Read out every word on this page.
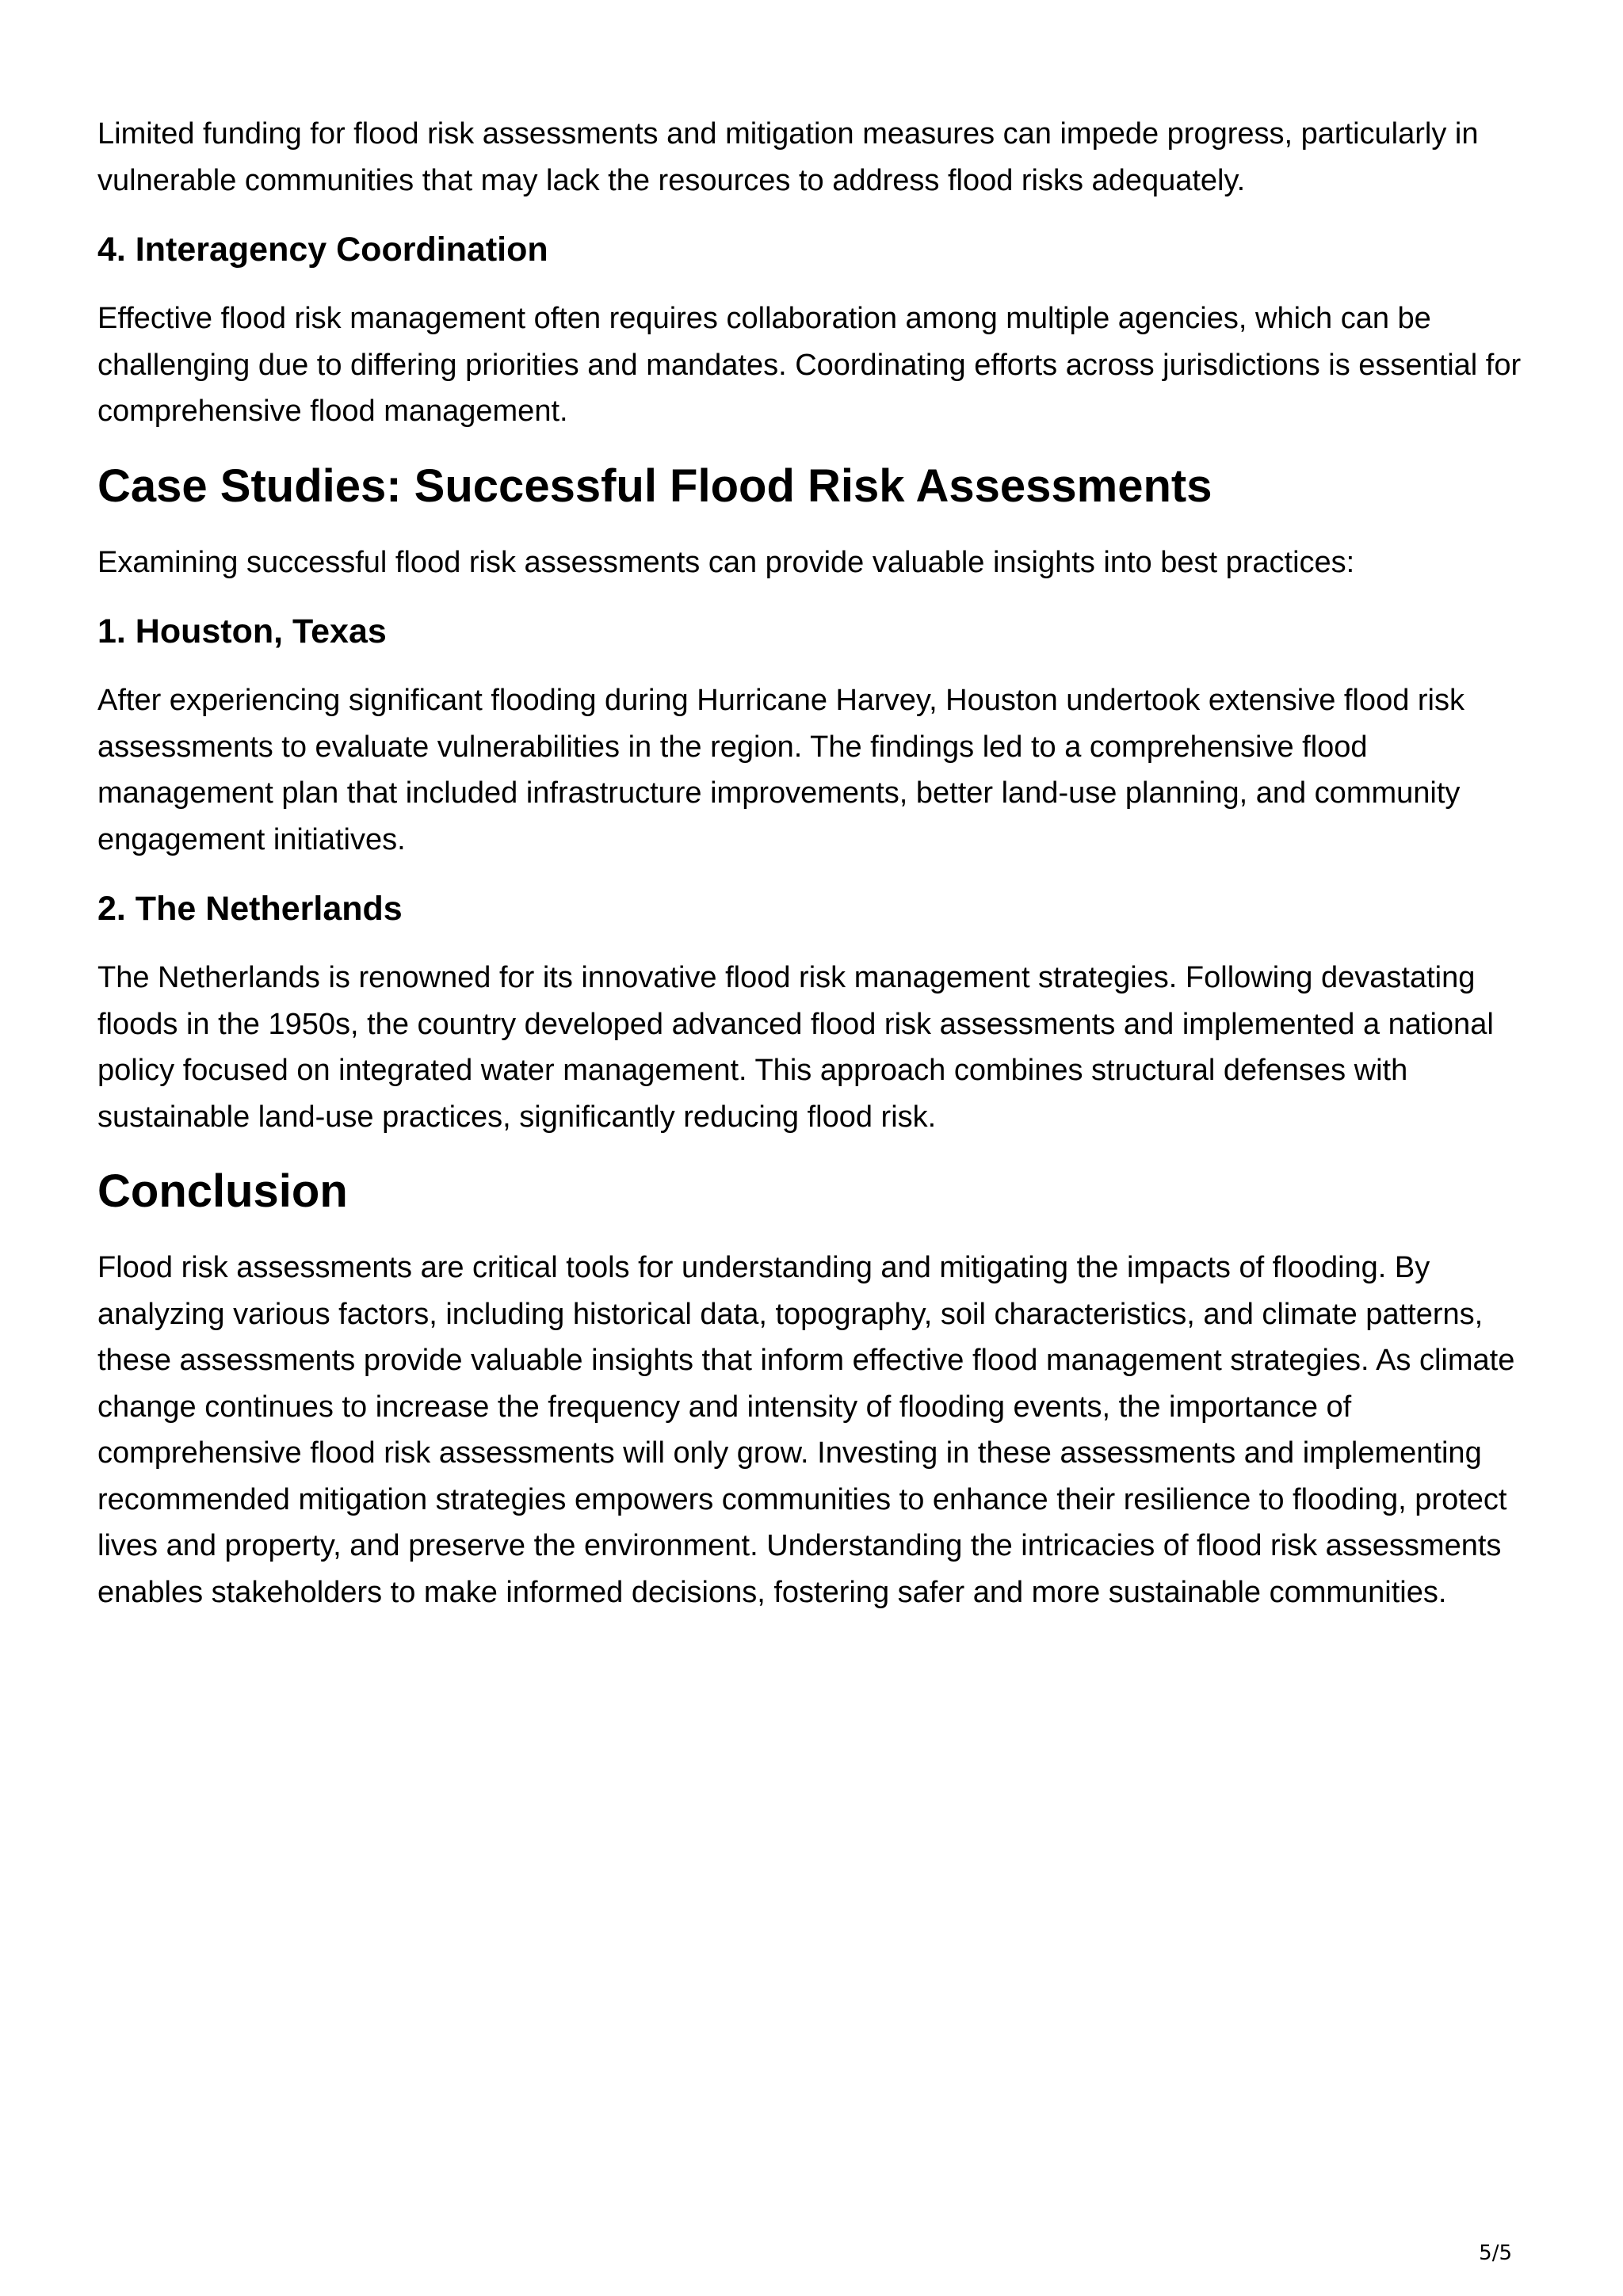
Limited funding for flood risk assessments and mitigation measures can impede progress, particularly in vulnerable communities that may lack the resources to address flood risks adequately.

4. Interagency Coordination

Effective flood risk management often requires collaboration among multiple agencies, which can be challenging due to differing priorities and mandates. Coordinating efforts across jurisdictions is essential for comprehensive flood management.

Case Studies: Successful Flood Risk Assessments

Examining successful flood risk assessments can provide valuable insights into best practices:

1. Houston, Texas

After experiencing significant flooding during Hurricane Harvey, Houston undertook extensive flood risk assessments to evaluate vulnerabilities in the region. The findings led to a comprehensive flood management plan that included infrastructure improvements, better land-use planning, and community engagement initiatives.

2. The Netherlands

The Netherlands is renowned for its innovative flood risk management strategies. Following devastating floods in the 1950s, the country developed advanced flood risk assessments and implemented a national policy focused on integrated water management. This approach combines structural defenses with sustainable land-use practices, significantly reducing flood risk.

Conclusion

Flood risk assessments are critical tools for understanding and mitigating the impacts of flooding. By analyzing various factors, including historical data, topography, soil characteristics, and climate patterns, these assessments provide valuable insights that inform effective flood management strategies. As climate change continues to increase the frequency and intensity of flooding events, the importance of comprehensive flood risk assessments will only grow. Investing in these assessments and implementing recommended mitigation strategies empowers communities to enhance their resilience to flooding, protect lives and property, and preserve the environment. Understanding the intricacies of flood risk assessments enables stakeholders to make informed decisions, fostering safer and more sustainable communities.

5/5
